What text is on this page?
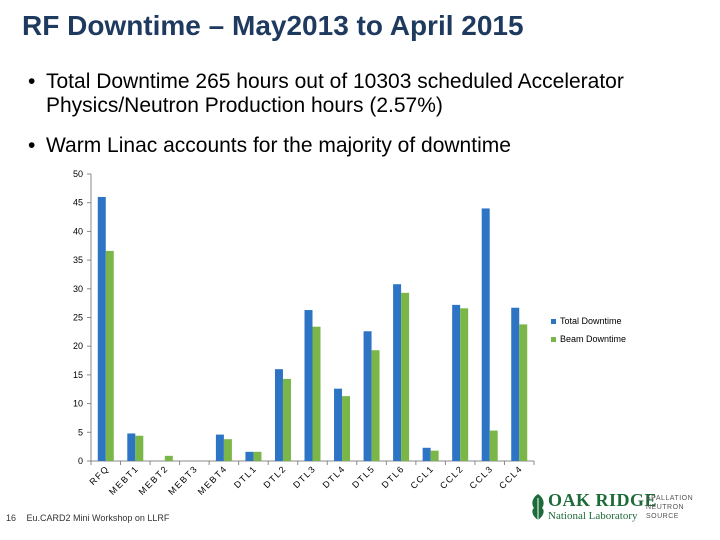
RF Downtime – May2013 to April 2015
• Total Downtime 265 hours out of 10303 scheduled Accelerator Physics/Neutron Production hours (2.57%)
• Warm Linac accounts for the majority of downtime
0
5
10
15
20
25
30
35
40
45
50
RFQ
MEBT1
MEBT2
MEBT3
MEBT4 DTL1 DTL2 DTL3 DTL4 DTL5 DTL6 CCL1 CCL2 CCL3 CCL4
Total Downtime
Beam Downtime
16 Eu.CARD2 Mini Workshop on LLRF
OAK RIDGE
National Laboratory
SPALLATION
NEUTRON
SOURCE
